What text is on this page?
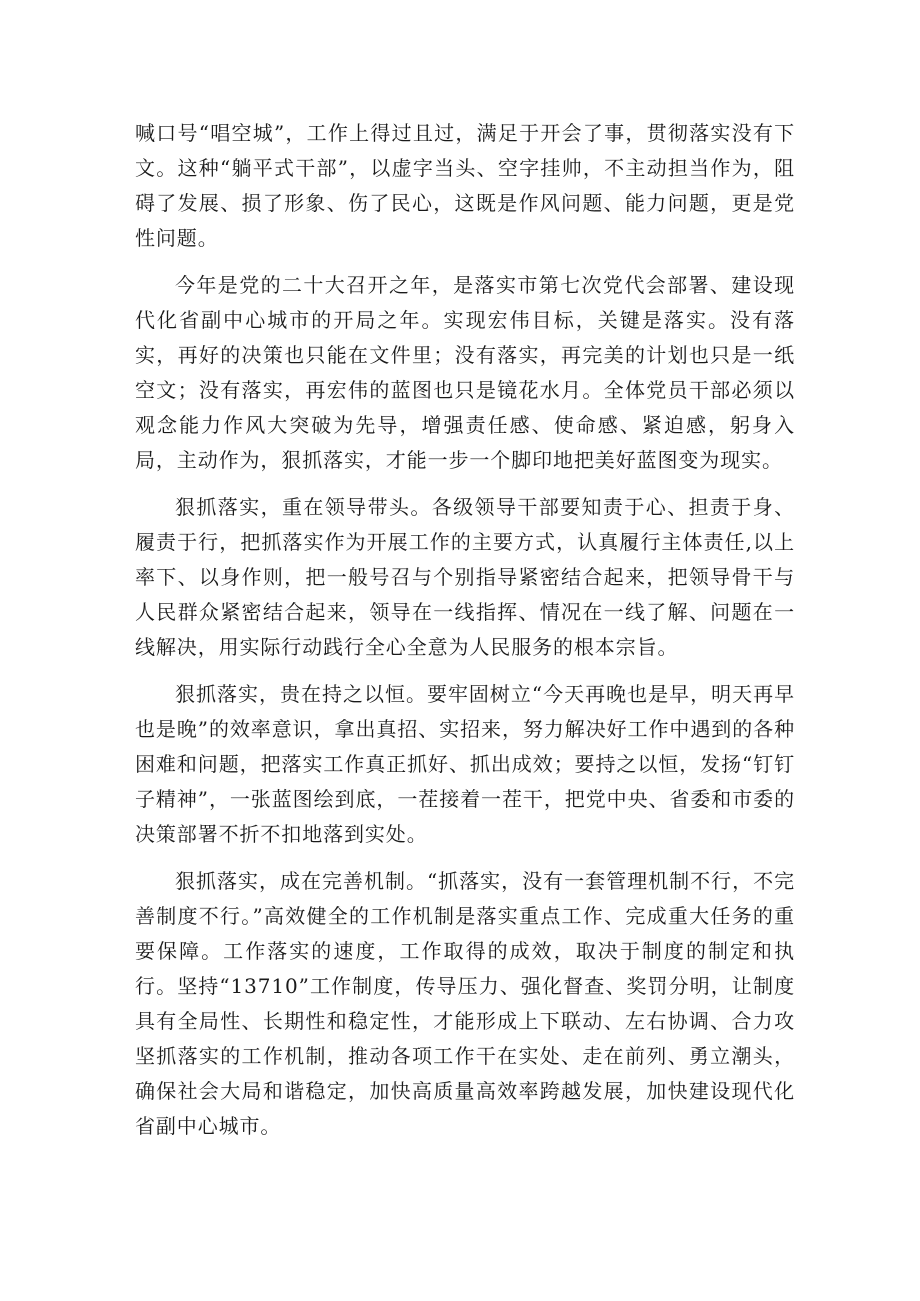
喊口号“唱空城”，工作上得过且过，满足于开会了事，贯彻落实没有下文。这种“躺平式干部”，以虚字当头、空字挂帅，不主动担当作为，阻碍了发展、损了形象、伤了民心，这既是作风问题、能力问题，更是党性问题。

今年是党的二十大召开之年，是落实市第七次党代会部署、建设现代化省副中心城市的开局之年。实现宏伟目标，关键是落实。没有落实，再好的决策也只能在文件里；没有落实，再完美的计划也只是一纸空文；没有落实，再宏伟的蓝图也只是镜花水月。全体党员干部必须以观念能力作风大突破为先导，增强责任感、使命感、紧迫感，躬身入局，主动作为，狠抓落实，才能一步一个脚印地把美好蓝图变为现实。

狠抓落实，重在领导带头。各级领导干部要知责于心、担责于身、履责于行，把抓落实作为开展工作的主要方式，认真履行主体责任,以上率下、以身作则，把一般号召与个别指导紧密结合起来，把领导骨干与人民群众紧密结合起来，领导在一线指挥、情况在一线了解、问题在一线解决，用实际行动践行全心全意为人民服务的根本宗旨。

狠抓落实，贵在持之以恒。要牢固树立“今天再晚也是早，明天再早也是晚”的效率意识，拿出真招、实招来，努力解决好工作中遇到的各种困难和问题，把落实工作真正抓好、抓出成效；要持之以恒，发扬“钉钉子精神”，一张蓝图绘到底，一茬接着一茬干，把党中央、省委和市委的决策部署不折不扣地落到实处。

狠抓落实，成在完善机制。“抓落实，没有一套管理机制不行，不完善制度不行。”高效健全的工作机制是落实重点工作、完成重大任务的重要保障。工作落实的速度，工作取得的成效，取决于制度的制定和执行。坚持“13710”工作制度，传导压力、强化督查、奖罚分明，让制度具有全局性、长期性和稳定性，才能形成上下联动、左右协调、合力攻坚抓落实的工作机制，推动各项工作干在实处、走在前列、勇立潮头，确保社会大局和谐稳定，加快高质量高效率跨越发展，加快建设现代化省副中心城市。
